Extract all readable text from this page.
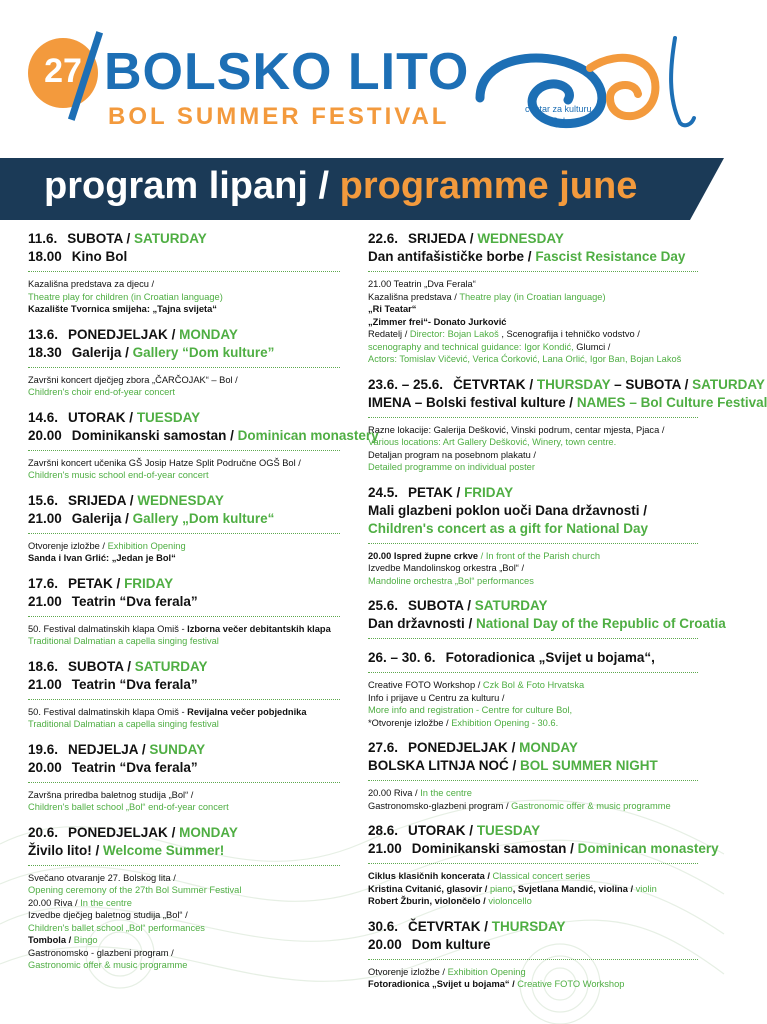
27 BOLSKO LITO
BOL SUMMER FESTIVAL	centar za kulturu
Bol
program lipanj / programme june
11.6. SUBOTA / SATURDAY
18.00 Kino Bol
Kazališna predstava za djecu /
Theatre play for children (in Croatian language)
Kazalište Tvornica smijeha: „Tajna svijeta“
13.6. PONEDJELJAK / MONDAY
18.30 Galerija / Gallery “Dom kulture”
Završni koncert dječjeg zbora „ČARČOJAK“ – Bol /
Children's choir end-of-year concert
14.6. UTORAK / TUESDAY
20.00 Dominikanski samostan / Dominican monastery
Završni koncert učenika GŠ Josip Hatze Split Područne OGŠ Bol /
Children's music school end-of-year concert
15.6. SRIJEDA / WEDNESDAY
21.00 Galerija / Gallery „Dom kulture“
Otvorenje izložbe / Exhibition Opening
Sanda i Ivan Grlić: „Jedan je Bol“
17.6. PETAK / FRIDAY
21.00 Teatrin “Dva ferala”
50. Festival dalmatinskih klapa Omiš - Izborna večer debitantskih klapa
Traditional Dalmatian a capella singing festival
18.6. SUBOTA / SATURDAY
21.00 Teatrin “Dva ferala”
50. Festival dalmatinskih klapa Omiš - Revijalna večer pobjednika
Traditional Dalmatian a capella singing festival
19.6. NEDJELJA / SUNDAY
20.00 Teatrin “Dva ferala”
Završna priredba baletnog studija „Bol“ /
Children's ballet school „Bol“ end-of-year concert
20.6. PONEDJELJAK / MONDAY
Živilo lito! / Welcome Summer!
Svečano otvaranje 27. Bolskog lita /
Opening ceremony of the 27th Bol Summer Festival
20.00 Riva / In the centre
Izvedbe dječjeg baletnog studija „Bol“ /
Children's ballet school „Bol“ performances
Tombola / Bingo
Gastronomsko - glazbeni program /
Gastronomic offer & music programme
22.6. SRIJEDA / WEDNESDAY
Dan antifašističke borbe / Fascist Resistance Day
21.00 Teatrin „Dva Ferala“
Kazališna predstava / Theatre play (in Croatian language)
„Ri Teatar“
„Zimmer frei“- Donato Jurković
Redatelj / Director: Bojan Lakoš , Scenografija i tehničko vodstvo /
scenography and technical guidance: Igor Kondić, Glumci /
Actors: Tomislav Vičević, Verica Ćorković, Lana Orlić, Igor Ban, Bojan Lakoš
23.6. – 25.6. ČETVRTAK / THURSDAY – SUBOTA / SATURDAY
IMENA – Bolski festival kulture / NAMES – Bol Culture Festival
Razne lokacije: Galerija Dešković, Vinski podrum, centar mjesta, Pjaca /
Various locations: Art Gallery Dešković, Winery, town centre.
Detaljan program na posebnom plakatu /
Detailed programme on individual poster
24.5. PETAK / FRIDAY
Mali glazbeni poklon uoči Dana državnosti /
Children's concert as a gift for National Day
20.00 Ispred župne crkve / In front of the Parish church
Izvedbe Mandolinskog orkestra „Bol“ /
Mandoline orchestra „Bol“ performances
25.6. SUBOTA / SATURDAY
Dan državnosti / National Day of the Republic of Croatia
26. – 30. 6. Fotoradionica „Svijet u bojama“,
Creative FOTO Workshop / Czk Bol & Foto Hrvatska
Info i prijave u Centru za kulturu /
More info and registration - Centre for culture Bol,
*Otvorenje izložbe / Exhibition Opening - 30.6.
27.6. PONEDJELJAK / MONDAY
BOLSKA LITNJA NOĆ / BOL SUMMER NIGHT
20.00 Riva / In the centre
Gastronomsko-glazbeni program / Gastronomic offer & music programme
28.6. UTORAK / TUESDAY
21.00 Dominikanski samostan / Dominican monastery
Ciklus klasičnih koncerata / Classical concert series
Kristina Cvitanić, glasovir / piano, Svjetlana Mandić, violina / violin
Robert Žburin, violončelo / violoncello
30.6. ČETVRTAK / THURSDAY
20.00 Dom kulture
Otvorenje izložbe / Exhibition Opening
Fotoradionica „Svijet u bojama“ / Creative FOTO Workshop
